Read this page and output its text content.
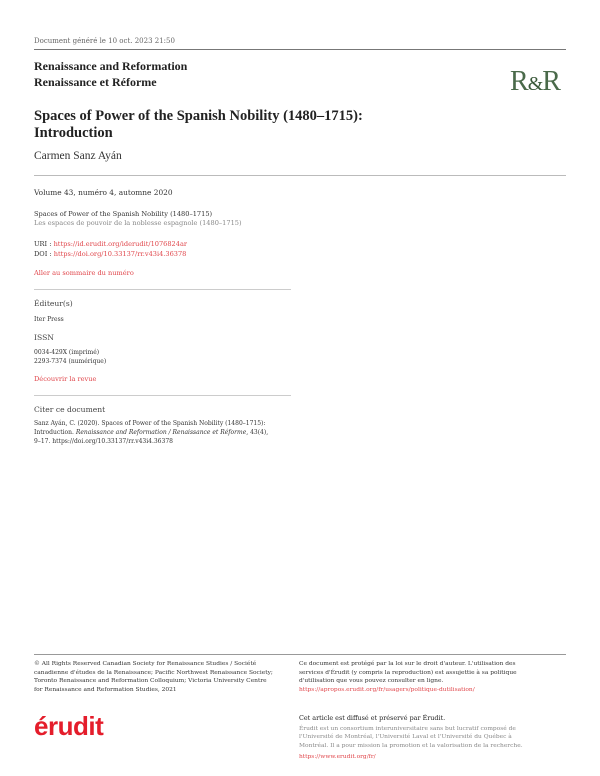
Document généré le 10 oct. 2023 21:50
Renaissance and Reformation
Renaissance et Réforme	R&R
Spaces of Power of the Spanish Nobility (1480–1715):
Introduction
Carmen Sanz Ayán
Volume 43, numéro 4, automne 2020
Spaces of Power of the Spanish Nobility (1480–1715)
Les espaces de pouvoir de la noblesse espagnole (1480–1715)
URI : https://id.erudit.org/iderudit/1076824ar
DOI : https://doi.org/10.33137/rr.v43i4.36378
Aller au sommaire du numéro
Éditeur(s)
Iter Press
ISSN
0034-429X (imprimé)
2293-7374 (numérique)
Découvrir la revue
Citer ce document
Sanz Ayán, C. (2020). Spaces of Power of the Spanish Nobility (1480–1715):
Introduction. Renaissance and Reformation / Renaissance et Réforme, 43(4),
9–17. https://doi.org/10.33137/rr.v43i4.36378
© All Rights Reserved Canadian Society for Renaissance Studies / Société
canadienne d'études de la Renaissance; Pacific Northwest Renaissance Society;
Toronto Renaissance and Reformation Colloquium; Victoria University Centre
for Renaissance and Reformation Studies, 2021
Ce document est protégé par la loi sur le droit d'auteur. L'utilisation des
services d'Érudit (y compris la reproduction) est assujettie à sa politique
d'utilisation que vous pouvez consulter en ligne.
https://apropos.erudit.org/fr/usagers/politique-dutilisation/
érudit	Cet article est diffusé et préservé par Érudit.
Érudit est un consortium interuniversitaire sans but lucratif composé de
l'Université de Montréal, l'Université Laval et l'Université du Québec à
Montréal. Il a pour mission la promotion et la valorisation de la recherche.
https://www.erudit.org/fr/
